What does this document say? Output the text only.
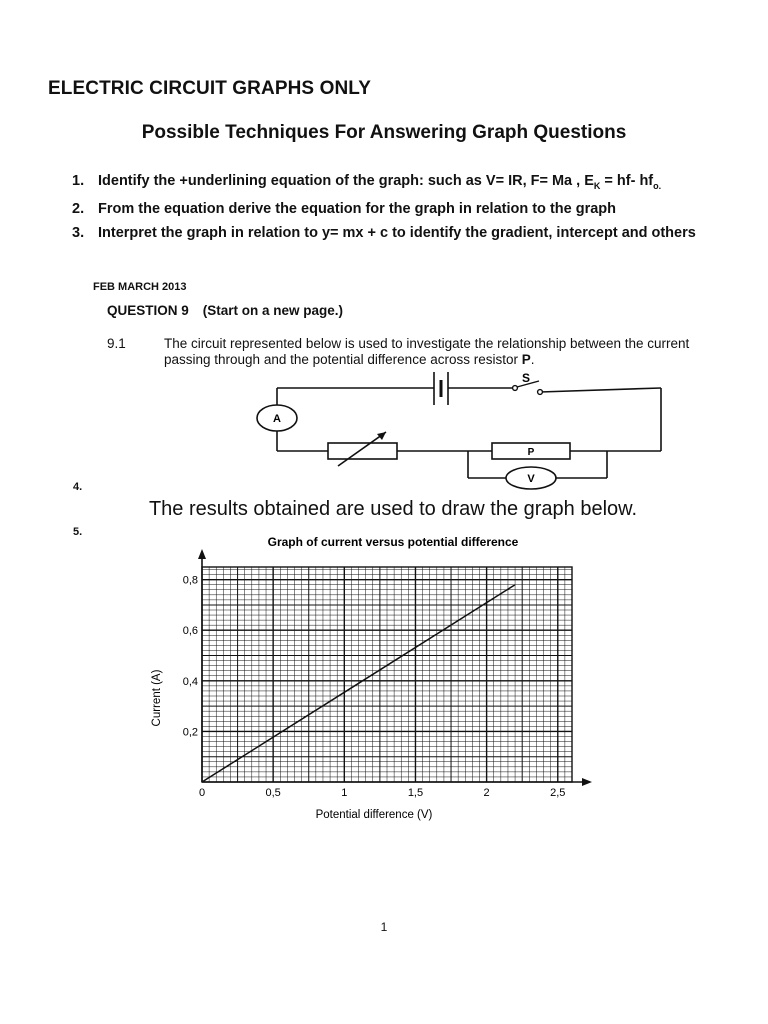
ELECTRIC CIRCUIT GRAPHS ONLY
Possible Techniques For Answering Graph Questions
1. Identify the +underlining equation of the graph: such as V= IR, F= Ma , $E_K = hf-$ $hf_{o.}$
2. From the equation derive the equation for the graph in relation to the graph
3. Interpret the graph in relation to y= mx + c to identify the gradient, intercept and others
FEB MARCH 2013
QUESTION 9 (Start on a new page.)
9.1	The circuit represented below is used to investigate the relationship between the current passing through and the potential difference across resistor P.
S
A
P
V
4.
The results obtained are used to draw the graph below.
5.
Graph of current versus potential difference
0	0,5	1	1,5	2	2,5
0,2
0,4
0,6
0,8
Potential difference (V)
Current (A)
1
